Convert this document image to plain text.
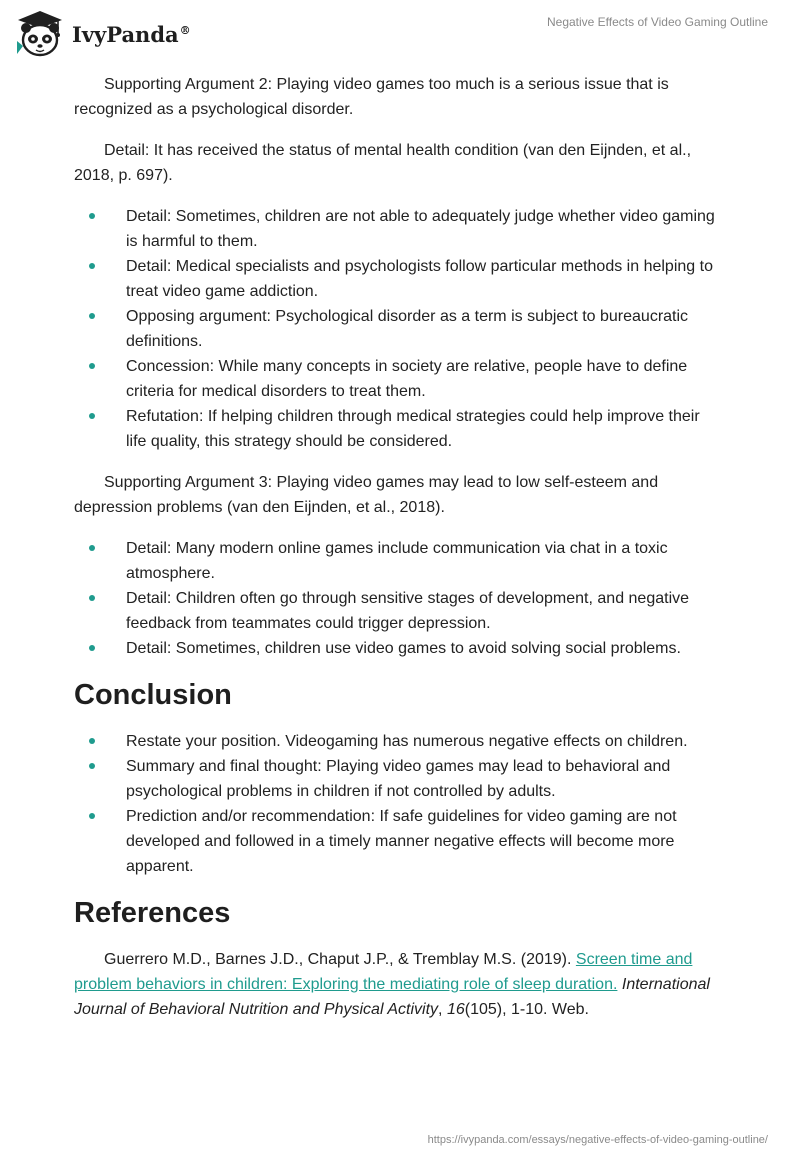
IvyPanda®
Negative Effects of Video Gaming Outline

Supporting Argument 2: Playing video games too much is a serious issue that is recognized as a psychological disorder.

Detail: It has received the status of mental health condition (van den Eijnden, et al., 2018, p. 697).

Detail: Sometimes, children are not able to adequately judge whether video gaming is harmful to them.
Detail: Medical specialists and psychologists follow particular methods in helping to treat video game addiction.
Opposing argument: Psychological disorder as a term is subject to bureaucratic definitions.
Concession: While many concepts in society are relative, people have to define criteria for medical disorders to treat them.
Refutation: If helping children through medical strategies could help improve their life quality, this strategy should be considered.

Supporting Argument 3: Playing video games may lead to low self-esteem and depression problems (van den Eijnden, et al., 2018).

Detail: Many modern online games include communication via chat in a toxic atmosphere.
Detail: Children often go through sensitive stages of development, and negative feedback from teammates could trigger depression.
Detail: Sometimes, children use video games to avoid solving social problems.
Conclusion
Restate your position. Videogaming has numerous negative effects on children.
Summary and final thought: Playing video games may lead to behavioral and psychological problems in children if not controlled by adults.
Prediction and/or recommendation: If safe guidelines for video gaming are not developed and followed in a timely manner negative effects will become more apparent.
References

Guerrero M.D., Barnes J.D., Chaput J.P., & Tremblay M.S. (2019). Screen time and problem behaviors in children: Exploring the mediating role of sleep duration. International Journal of Behavioral Nutrition and Physical Activity, 16(105), 1-10. Web.

https://ivypanda.com/essays/negative-effects-of-video-gaming-outline/
